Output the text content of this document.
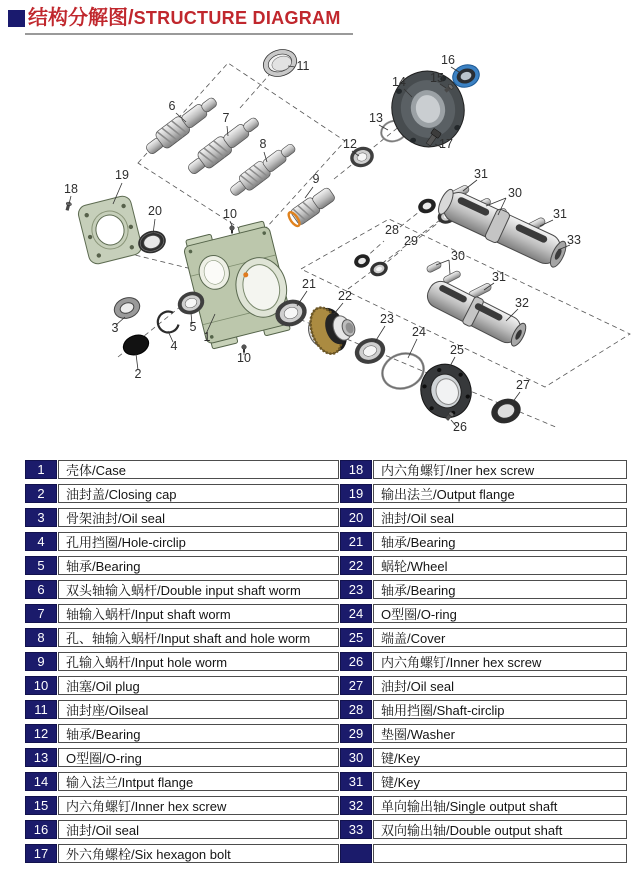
结构分解图/STRUCTURE DIAGRAM
1
2
3
4
5
6
7
8
9
10
10
11
12
13
14 15
16
17
18
19
20
21
22
23
24
25
26
27
28
29
30
30
31
31
31
32
33
1	壳体/Case
2	油封盖/Closing cap
3	骨架油封/Oil seal
4	孔用挡圈/Hole-circlip
5	轴承/Bearing
6	双头轴输入蜗杆/Double input shaft worm
7	轴输入蜗杆/Input shaft worm
8	孔、轴输入蜗杆/Input shaft and hole worm
9	孔输入蜗杆/Input hole worm
10	油塞/Oil plug
11	油封座/Oilseal
12	轴承/Bearing
13	O型圈/O-ring
14	输入法兰/Intput flange
15	内六角螺钉/Inner hex screw
16	油封/Oil seal
17	外六角螺栓/Six hexagon bolt
18	内六角螺钉/Iner hex screw
19	输出法兰/Output flange
20	油封/Oil seal
21	轴承/Bearing
22	蜗轮/Wheel
23	轴承/Bearing
24	O型圈/O-ring
25	端盖/Cover
26	内六角螺钉/Inner hex screw
27	油封/Oil seal
28	轴用挡圈/Shaft-circlip
29	垫圈/Washer
30	键/Key
31	键/Key
32	单向输出轴/Single output shaft
33	双向输出轴/Double output shaft
